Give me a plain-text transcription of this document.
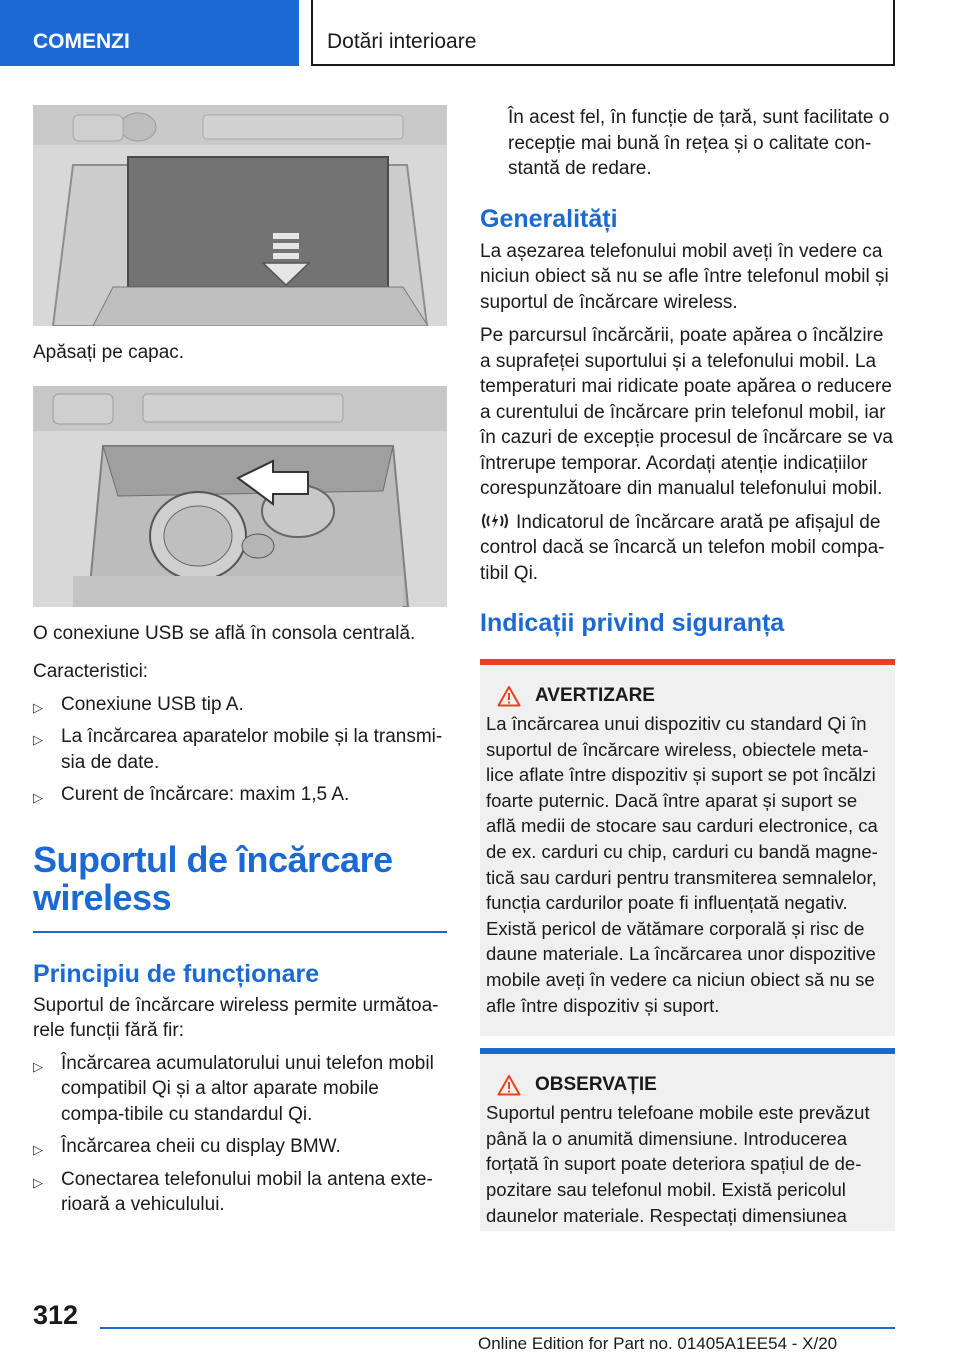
COMENZI	Dotări interioare
Apăsați pe capac.
O conexiune USB se află în consola centrală.
Caracteristici:
▷ Conexiune USB tip A.
▷ La încărcarea aparatelor mobile și la transmi‐sia de date.
▷ Curent de încărcare: maxim 1,5 A.
Suportul de încărcare wireless
Principiu de funcționare
Suportul de încărcare wireless permite următoa‐rele funcții fără fir:
▷ Încărcarea acumulatorului unui telefon mobil compatibil Qi și a altor aparate mobile compa‐tibile cu standardul Qi.
▷ Încărcarea cheii cu display BMW.
▷ Conectarea telefonului mobil la antena exte‐rioară a vehiculului.
În acest fel, în funcție de țară, sunt facilitate o recepție mai bună în rețea și o calitate con‐stantă de redare.
Generalități
La așezarea telefonului mobil aveți în vedere ca niciun obiect să nu se afle între telefonul mobil și suportul de încărcare wireless.
Pe parcursul încărcării, poate apărea o încălzire a suprafeței suportului și a telefonului mobil. La temperaturi mai ridicate poate apărea o reducere a curentului de încărcare prin telefonul mobil, iar în cazuri de excepție procesul de încărcare se va întrerupe temporar. Acordați atenție indicațiilor corespunzătoare din manualul telefonului mobil.
Indicatorul de încărcare arată pe afișajul de control dacă se încarcă un telefon mobil compa‐tibil Qi.
Indicații privind siguranța
AVERTIZARE
La încărcarea unui dispozitiv cu standard Qi în suportul de încărcare wireless, obiectele meta‐lice aflate între dispozitiv și suport se pot încălzi foarte puternic. Dacă între aparat și suport se află medii de stocare sau carduri electronice, ca de ex. carduri cu chip, carduri cu bandă magne‐tică sau carduri pentru transmiterea semnalelor, funcția cardurilor poate fi influențată negativ. Există pericol de vătămare corporală și risc de daune materiale. La încărcarea unor dispozitive mobile aveți în vedere ca niciun obiect să nu se afle între dispozitiv și suport.
OBSERVAȚIE
Suportul pentru telefoane mobile este prevăzut până la o anumită dimensiune. Introducerea forțată în suport poate deteriora spațiul de de‐pozitare sau telefonul mobil. Există pericolul daunelor materiale. Respectați dimensiunea
312
Online Edition for Part no. 01405A1EE54 - X/20
